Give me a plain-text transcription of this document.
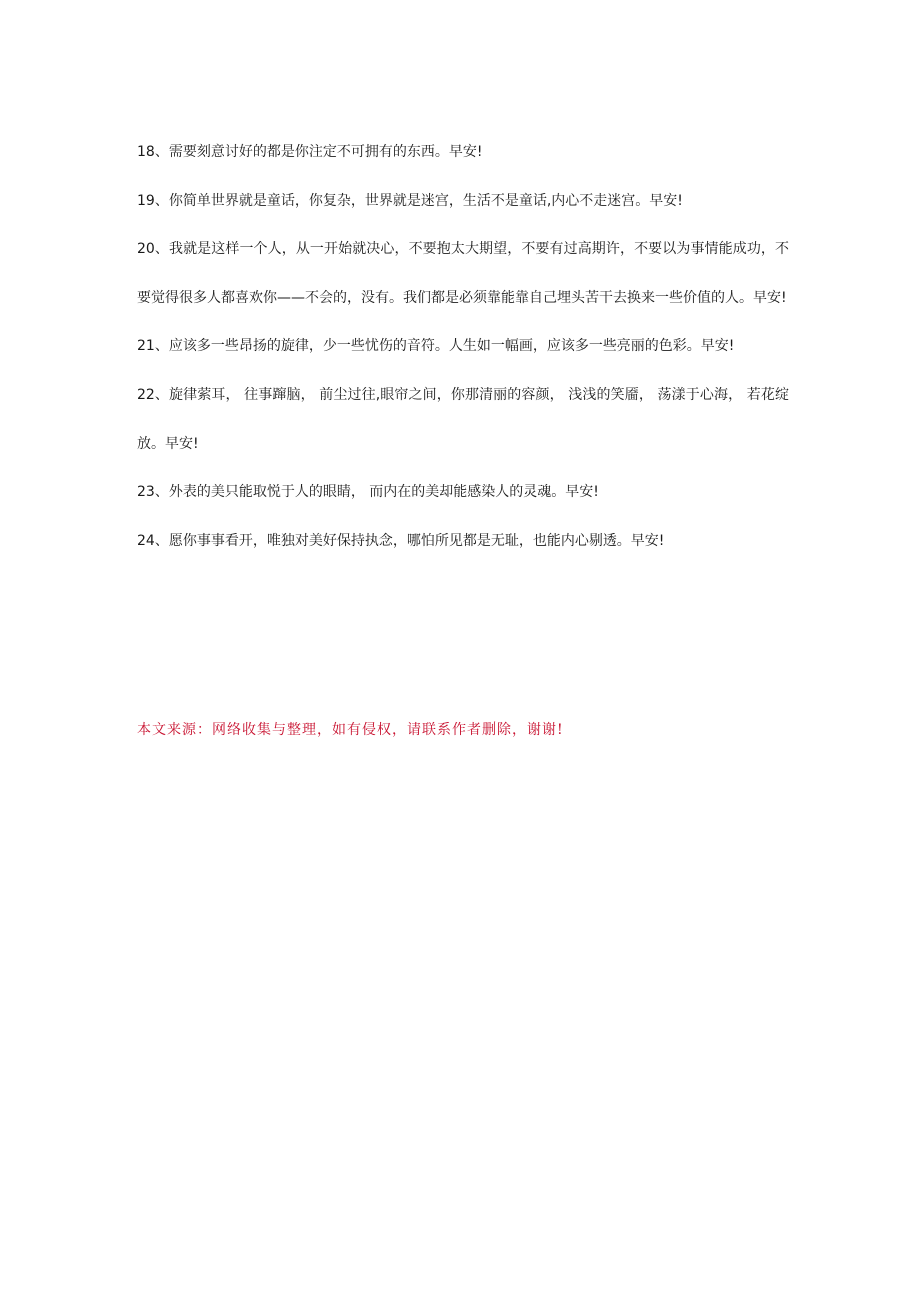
18、需要刻意讨好的都是你注定不可拥有的东西。早安!

19、你简单世界就是童话，你复杂，世界就是迷宫，生活不是童话,内心不走迷宫。早安!

20、我就是这样一个人，从一开始就决心，不要抱太大期望，不要有过高期许，不要以为事情能成功，不要觉得很多人都喜欢你——不会的，没有。我们都是必须靠能靠自己埋头苦干去换来一些价值的人。早安!

21、应该多一些昂扬的旋律，少一些忧伤的音符。人生如一幅画，应该多一些亮丽的色彩。早安!

22、旋律萦耳， 往事蹿脑， 前尘过往,眼帘之间，你那清丽的容颜， 浅浅的笑靥， 荡漾于心海， 若花绽放。早安!

23、外表的美只能取悦于人的眼睛， 而内在的美却能感染人的灵魂。早安!

24、愿你事事看开，唯独对美好保持执念，哪怕所见都是无耻，也能内心剔透。早安!

本文来源：网络收集与整理，如有侵权，请联系作者删除，谢谢!
